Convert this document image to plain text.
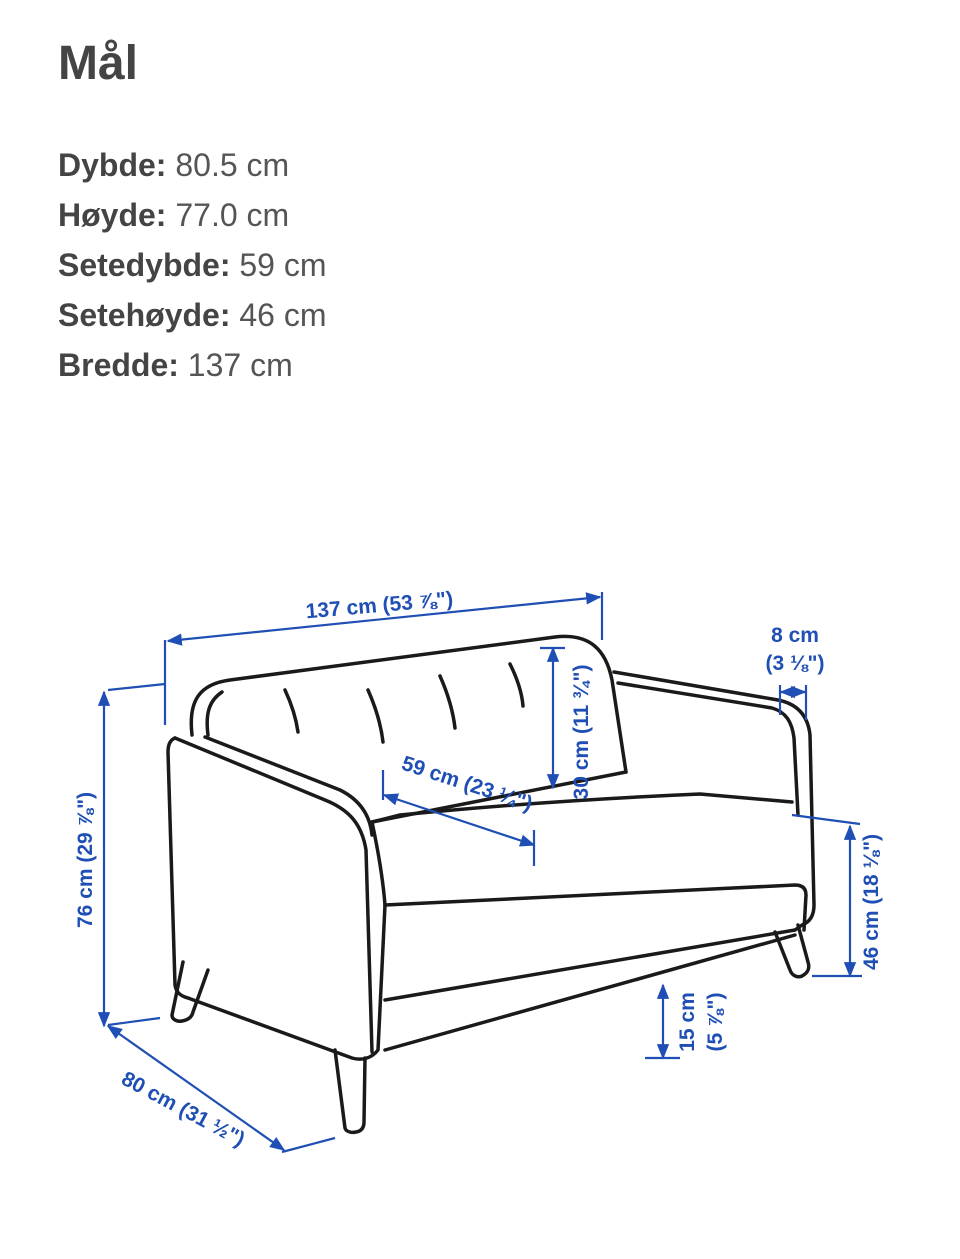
Mål
Dybde: 80.5 cm
Høyde: 77.0 cm
Setedybde: 59 cm
Setehøyde: 46 cm
Bredde: 137 cm
137 cm (53 ⅞")
8 cm
(3 ⅛")
30 cm (11 ¾")
59 cm (23 ¼")
76 cm (29 ⅞")	46 cm (18 ⅛")
15 cm (5 ⅞")
80 cm (31 ½")
